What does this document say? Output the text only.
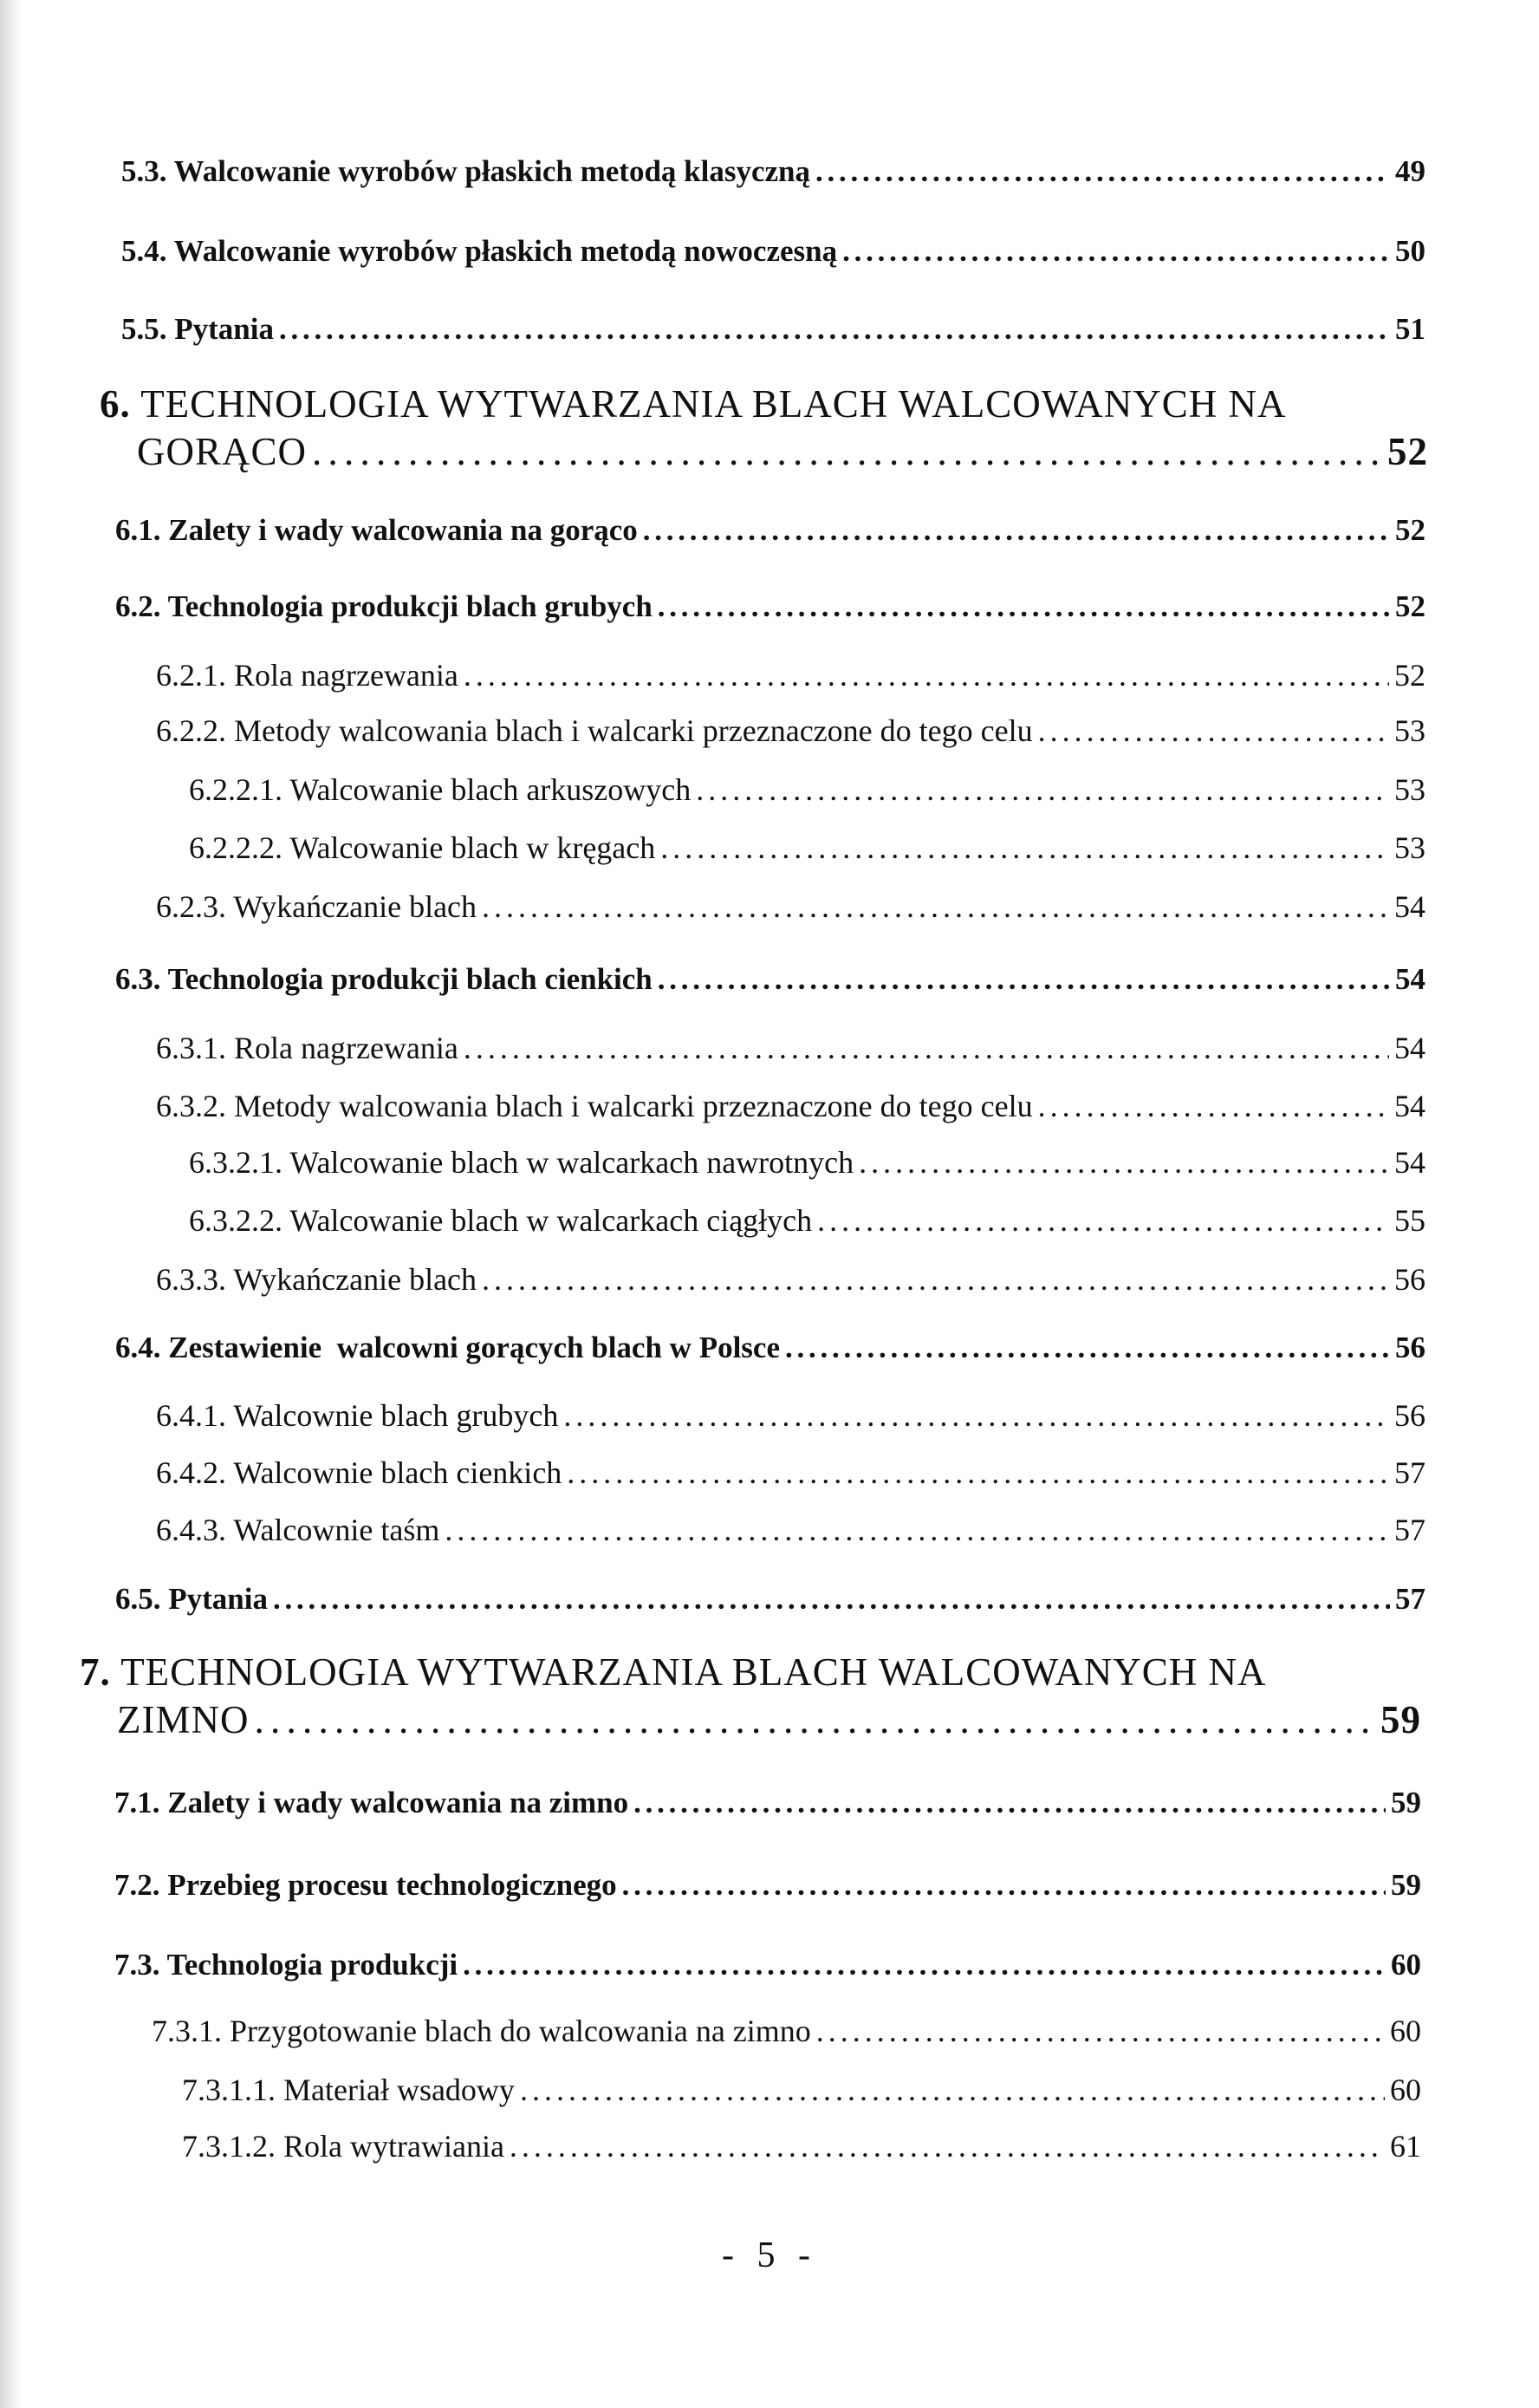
5.3. Walcowanie wyrobów płaskich metodą klasyczną . . .	49
5.4. Walcowanie wyrobów płaskich metodą nowoczesną . . .	50
5.5. Pytania . . .	51
6. TECHNOLOGIA WYTWARZANIA BLACH WALCOWANYCH NA
GORĄCO . . .	52
6.1. Zalety i wady walcowania na gorąco . . .	52
6.2. Technologia produkcji blach grubych . . .	52
6.2.1. Rola nagrzewania . . .	52
6.2.2. Metody walcowania blach i walcarki przeznaczone do tego celu . . .	53
6.2.2.1. Walcowanie blach arkuszowych . . .	53
6.2.2.2. Walcowanie blach w kręgach . . .	53
6.2.3. Wykańczanie blach . . .	54
6.3. Technologia produkcji blach cienkich . . .	54
6.3.1. Rola nagrzewania . . .	54
6.3.2. Metody walcowania blach i walcarki przeznaczone do tego celu . . .	54
6.3.2.1. Walcowanie blach w walcarkach nawrotnych . . .	54
6.3.2.2. Walcowanie blach w walcarkach ciągłych . . .	55
6.3.3. Wykańczanie blach . . .	56
6.4. Zestawienie  walcowni gorących blach w Polsce . . .	56
6.4.1. Walcownie blach grubych . . .	56
6.4.2. Walcownie blach cienkich . . .	57
6.4.3. Walcownie taśm . . .	57
6.5. Pytania . . .	57
7. TECHNOLOGIA WYTWARZANIA BLACH WALCOWANYCH NA
ZIMNO . . .	59
7.1. Zalety i wady walcowania na zimno . . .	59
7.2. Przebieg procesu technologicznego . . .	59
7.3. Technologia produkcji . . .	60
7.3.1. Przygotowanie blach do walcowania na zimno . . .	60
7.3.1.1. Materiał wsadowy . . .	60
7.3.1.2. Rola wytrawiania . . .	61
- 5 -
